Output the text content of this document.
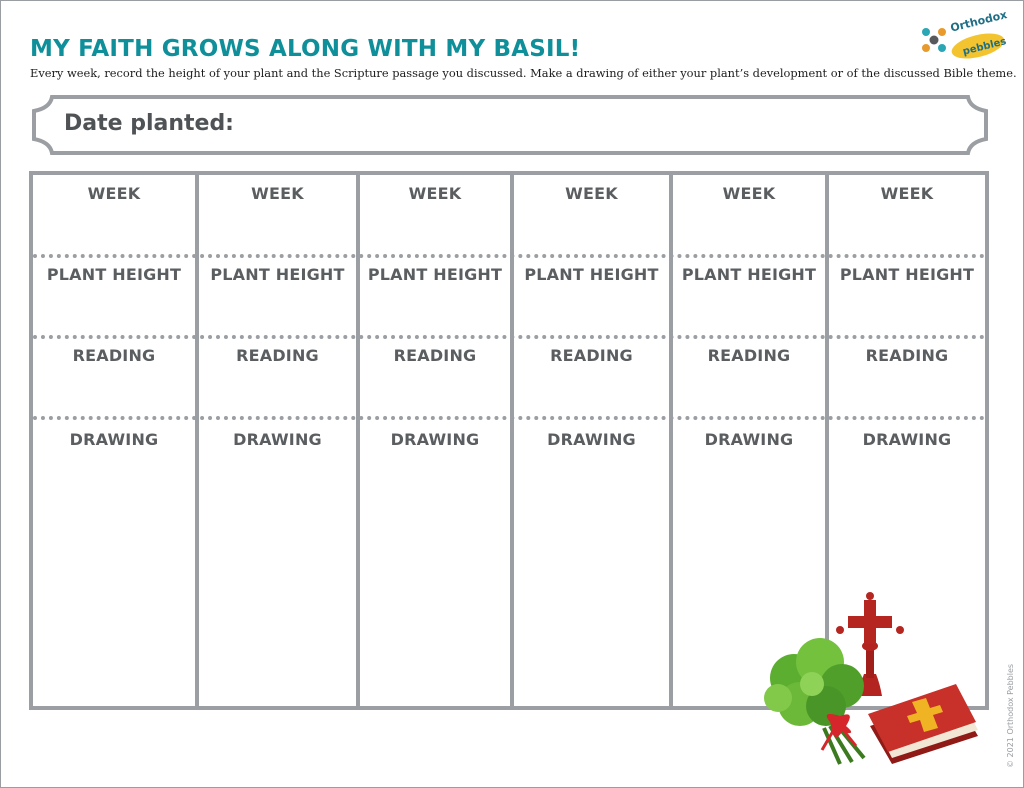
MY FAITH GROWS ALONG WITH MY BASIL!
Every week, record the height of your plant and the Scripture passage you discussed. Make a drawing of either your plant’s development or of the discussed Bible theme.
pebbles
Orthodox
Date planted:
WEEK
PLANT HEIGHT
READING
DRAWING
WEEK
PLANT HEIGHT
READING
DRAWING
WEEK
PLANT HEIGHT
READING
DRAWING
WEEK
PLANT HEIGHT
READING
DRAWING
WEEK
PLANT HEIGHT
READING
DRAWING
WEEK
PLANT HEIGHT
READING
DRAWING
© 2021 Orthodox Pebbles
